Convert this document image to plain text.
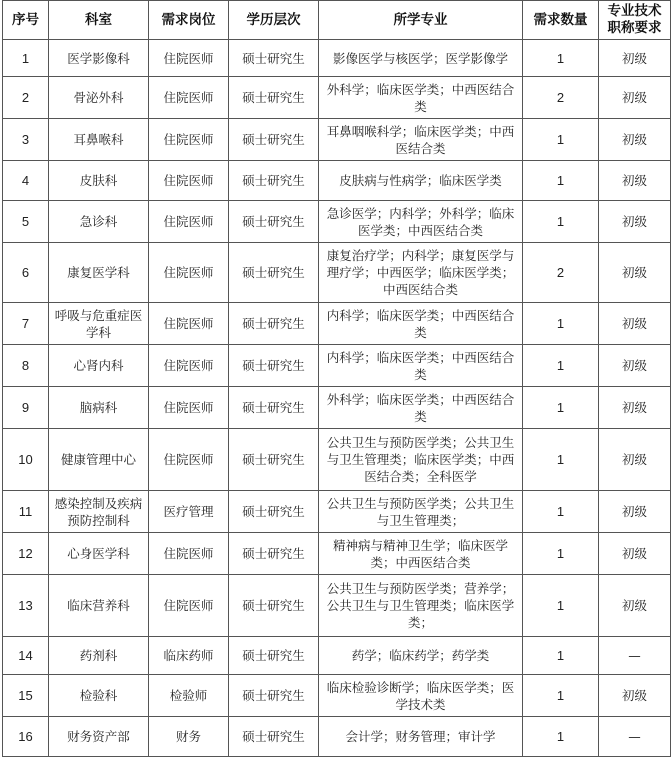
序号	科室	需求岗位	学历层次	所学专业	需求数量	专业技术职称要求
1	医学影像科	住院医师	硕士研究生	影像医学与核医学；医学影像学	1	初级
2	骨泌外科	住院医师	硕士研究生	外科学；临床医学类；中西医结合类	2	初级
3	耳鼻喉科	住院医师	硕士研究生	耳鼻咽喉科学；临床医学类；中西医结合类	1	初级
4	皮肤科	住院医师	硕士研究生	皮肤病与性病学；临床医学类	1	初级
5	急诊科	住院医师	硕士研究生	急诊医学；内科学；外科学；临床医学类；中西医结合类	1	初级
6	康复医学科	住院医师	硕士研究生	康复治疗学；内科学；康复医学与理疗学；中西医学；临床医学类；中西医结合类	2	初级
7	呼吸与危重症医学科	住院医师	硕士研究生	内科学；临床医学类；中西医结合类	1	初级
8	心肾内科	住院医师	硕士研究生	内科学；临床医学类；中西医结合类	1	初级
9	脑病科	住院医师	硕士研究生	外科学；临床医学类；中西医结合类	1	初级
10	健康管理中心	住院医师	硕士研究生	公共卫生与预防医学类；公共卫生与卫生管理类；临床医学类；中西医结合类；全科医学	1	初级
11	感染控制及疾病预防控制科	医疗管理	硕士研究生	公共卫生与预防医学类；公共卫生与卫生管理类；	1	初级
12	心身医学科	住院医师	硕士研究生	精神病与精神卫生学；临床医学类；中西医结合类	1	初级
13	临床营养科	住院医师	硕士研究生	公共卫生与预防医学类；营养学；公共卫生与卫生管理类；临床医学类；	1	初级
14	药剂科	临床药师	硕士研究生	药学；临床药学；药学类	1	—
15	检验科	检验师	硕士研究生	临床检验诊断学；临床医学类；医学技术类	1	初级
16	财务资产部	财务	硕士研究生	会计学；财务管理；审计学	1	—
